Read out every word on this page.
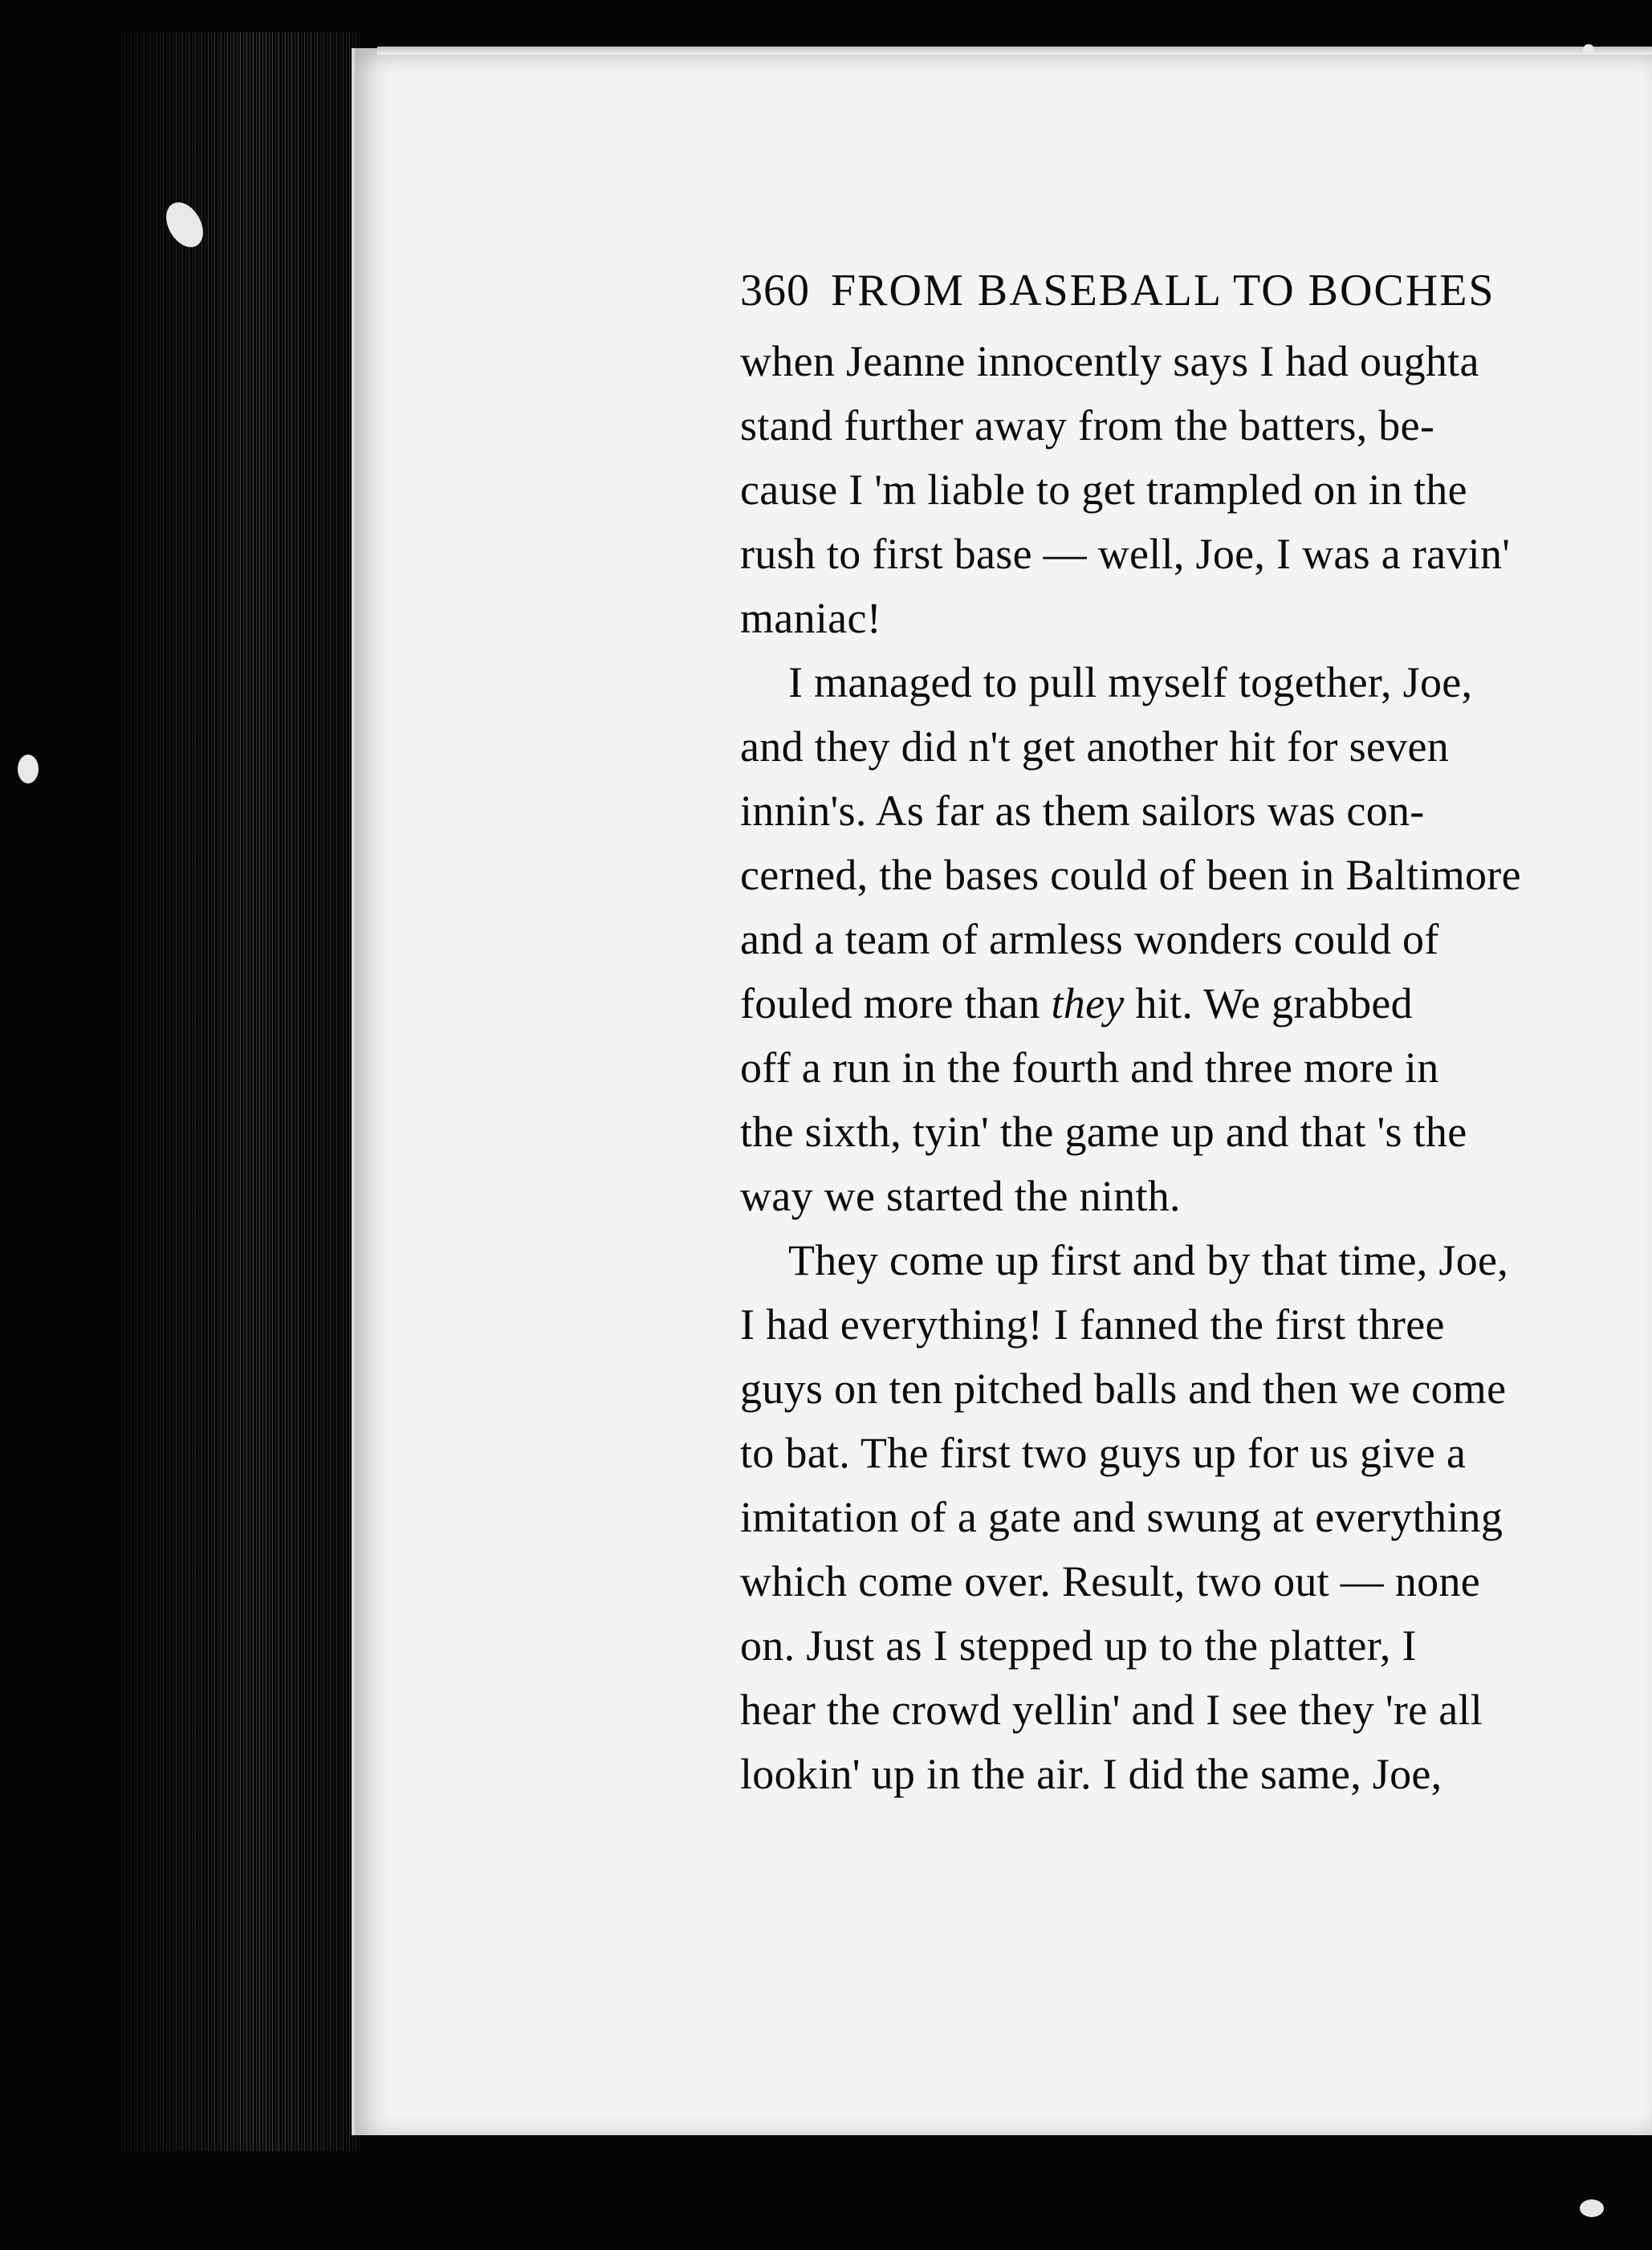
360 FROM BASEBALL TO BOCHES
when Jeanne innocently says I had oughta
stand further away from the batters, be-
cause I 'm liable to get trampled on in the
rush to first base — well, Joe, I was a ravin'
maniac!
I managed to pull myself together, Joe,
and they did n't get another hit for seven
innin's. As far as them sailors was con-
cerned, the bases could of been in Baltimore
and a team of armless wonders could of
fouled more than they hit. We grabbed
off a run in the fourth and three more in
the sixth, tyin' the game up and that 's the
way we started the ninth.
They come up first and by that time, Joe,
I had everything! I fanned the first three
guys on ten pitched balls and then we come
to bat. The first two guys up for us give a
imitation of a gate and swung at everything
which come over. Result, two out — none
on. Just as I stepped up to the platter, I
hear the crowd yellin' and I see they 're all
lookin' up in the air. I did the same, Joe,
